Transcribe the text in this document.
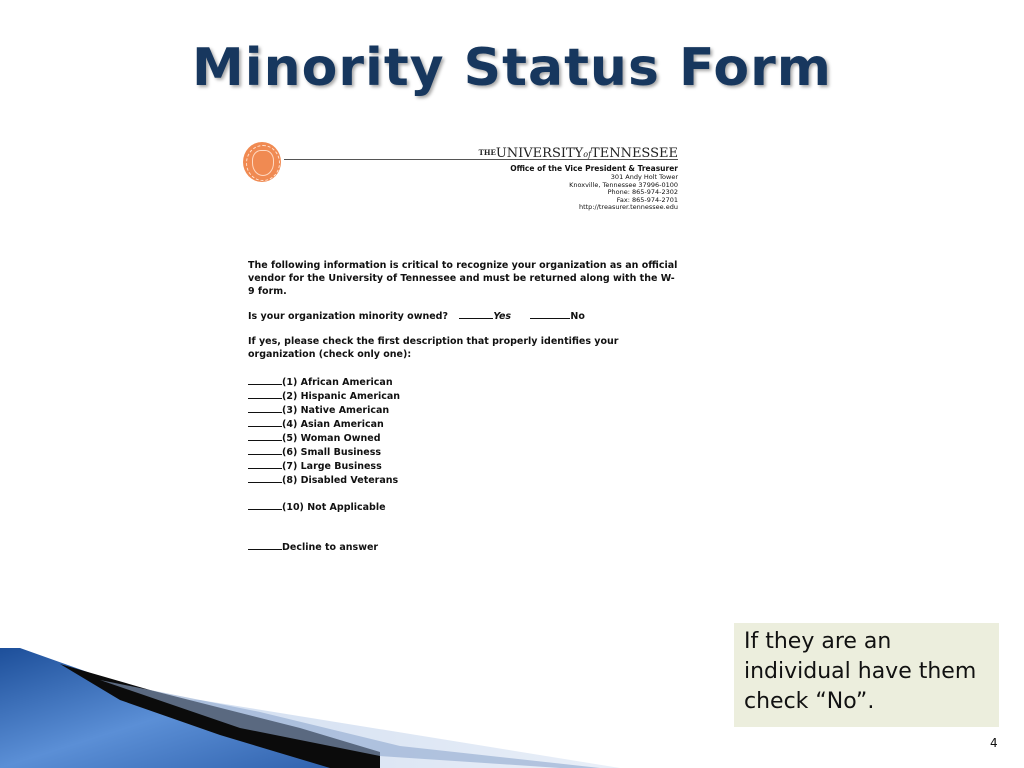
Minority Status Form
THEUNIVERSITYofTENNESSEE
Office of the Vice President & Treasurer
301 Andy Holt Tower
Knoxville, Tennessee 37996-0100
Phone: 865-974-2302
Fax: 865-974-2701
http://treasurer.tennessee.edu

The following information is critical to recognize your organization as an official vendor for the University of Tennessee and must be returned along with the W-9 form.

Is your organization minority owned?	Yes	No

If yes, please check the first description that properly identifies your organization (check only one):

(1) African American
(2) Hispanic American
(3) Native American
(4) Asian American
(5) Woman Owned
(6) Small Business
(7) Large Business
(8) Disabled Veterans
(10) Not Applicable
Decline to answer
If they are an individual have them check “No”.
4
